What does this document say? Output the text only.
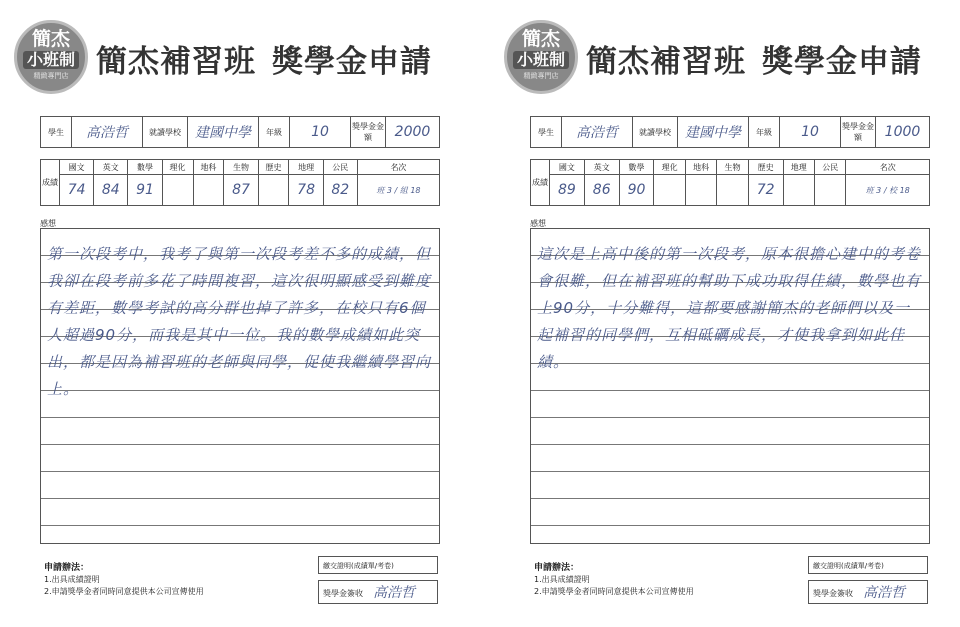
簡杰
小班制
精緻專門店 簡杰補習班 獎學金申請
學生	高浩哲	就讀學校	建國中學	年級	10	獎學金金額	2000
成績	國文	英文	數學	理化	地科	生物	歷史	地理	公民	名次
	74	84	91			87		78	82	班 3 / 組 18
感想

第一次段考中，我考了與第一次段考差不多的成績，但我卻在段考前多花了時間複習，這次很明顯感受到難度有差距，數學考試的高分群也掉了許多，在校只有6個人超過90分，而我是其中一位。我的數學成績如此突出，都是因為補習班的老師與同學，促使我繼續學習向上。

申請辦法：
1.出具成績證明
2.申請獎學金者同時同意提供本公司宣傳使用
繳交證明(成績單/考卷)
獎學金簽收 高浩哲
簡杰
小班制
精緻專門店 簡杰補習班 獎學金申請
學生	高浩哲	就讀學校	建國中學	年級	10	獎學金金額	1000
成績	國文	英文	數學	理化	地科	生物	歷史	地理	公民	名次
	89	86	90				72			班 3 / 校 18
感想

這次是上高中後的第一次段考，原本很擔心建中的考卷會很難，但在補習班的幫助下成功取得佳績，數學也有上90分，十分難得，這都要感謝簡杰的老師們以及一起補習的同學們，互相砥礪成長，才使我拿到如此佳績。

申請辦法：
1.出具成績證明
2.申請獎學金者同時同意提供本公司宣傳使用
繳交證明(成績單/考卷)
獎學金簽收 高浩哲
